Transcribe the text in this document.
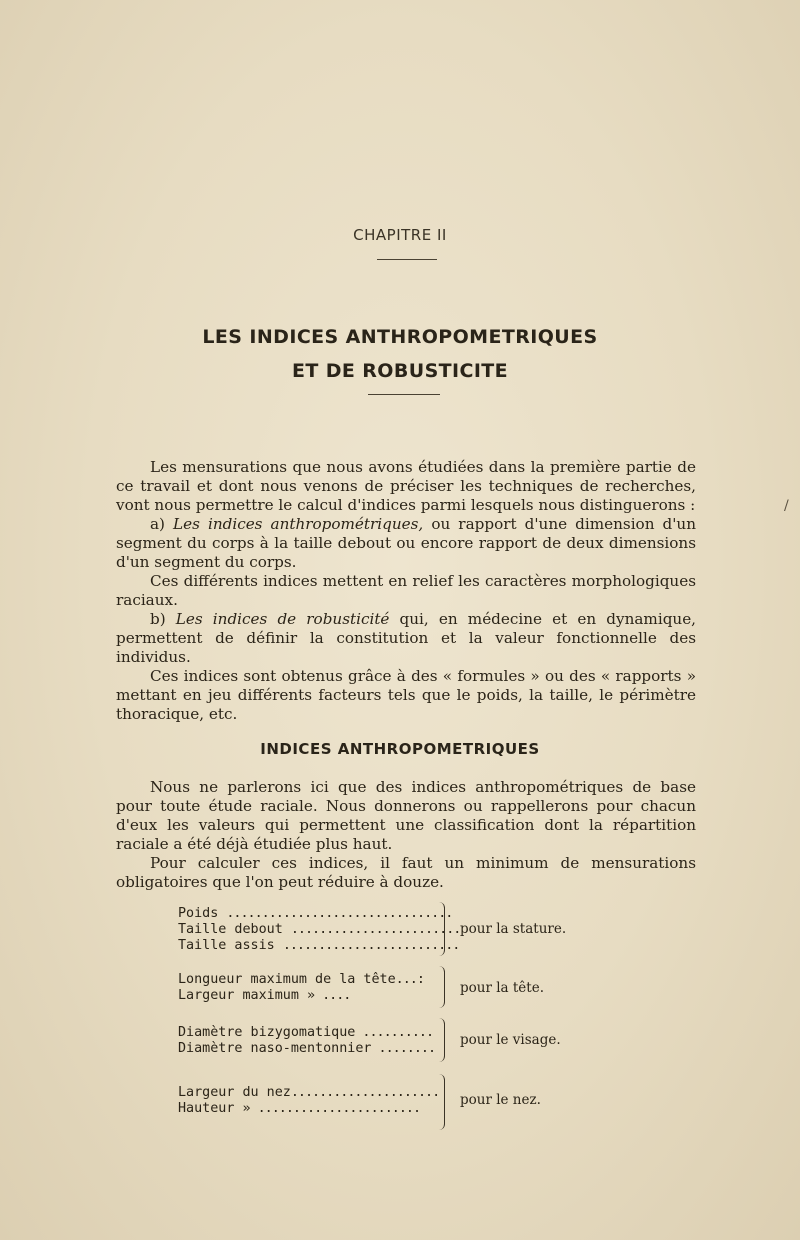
CHAPITRE II
LES INDICES ANTHROPOMETRIQUES
ET DE ROBUSTICITE
/

Les mensurations que nous avons étudiées dans la première partie de ce travail et dont nous venons de préciser les techniques de recherches, vont nous permettre le calcul d'indices parmi lesquels nous distinguerons :

a) Les indices anthropométriques, ou rapport d'une dimension d'un segment du corps à la taille debout ou encore rapport de deux dimensions d'un segment du corps.

Ces différents indices mettent en relief les caractères morphologiques raciaux.

b) Les indices de robusticité qui, en médecine et en dynamique, permettent de définir la constitution et la valeur fonctionnelle des individus.

Ces indices sont obtenus grâce à des « formules » ou des « rapports » mettant en jeu différents facteurs tels que le poids, la taille, le périmètre thoracique, etc.

INDICES ANTHROPOMETRIQUES

Nous ne parlerons ici que des indices anthropométriques de base pour toute étude raciale. Nous donnerons ou rappellerons pour chacun d'eux les valeurs qui permettent une classification dont la répartition raciale a été déjà étudiée plus haut.

Pour calculer ces indices, il faut un minimum de mensurations obligatoires que l'on peut réduire à douze.

Poids ................................
Taille debout ........................
Taille assis .........................
pour la stature.
Longueur maximum de la tête...:
Largeur maximum » ....	pour la tête.
Diamètre bizygomatique ..........
Diamètre naso-mentonnier ........
pour le visage.
Largeur du nez.....................
Hauteur » .......................
pour le nez.
